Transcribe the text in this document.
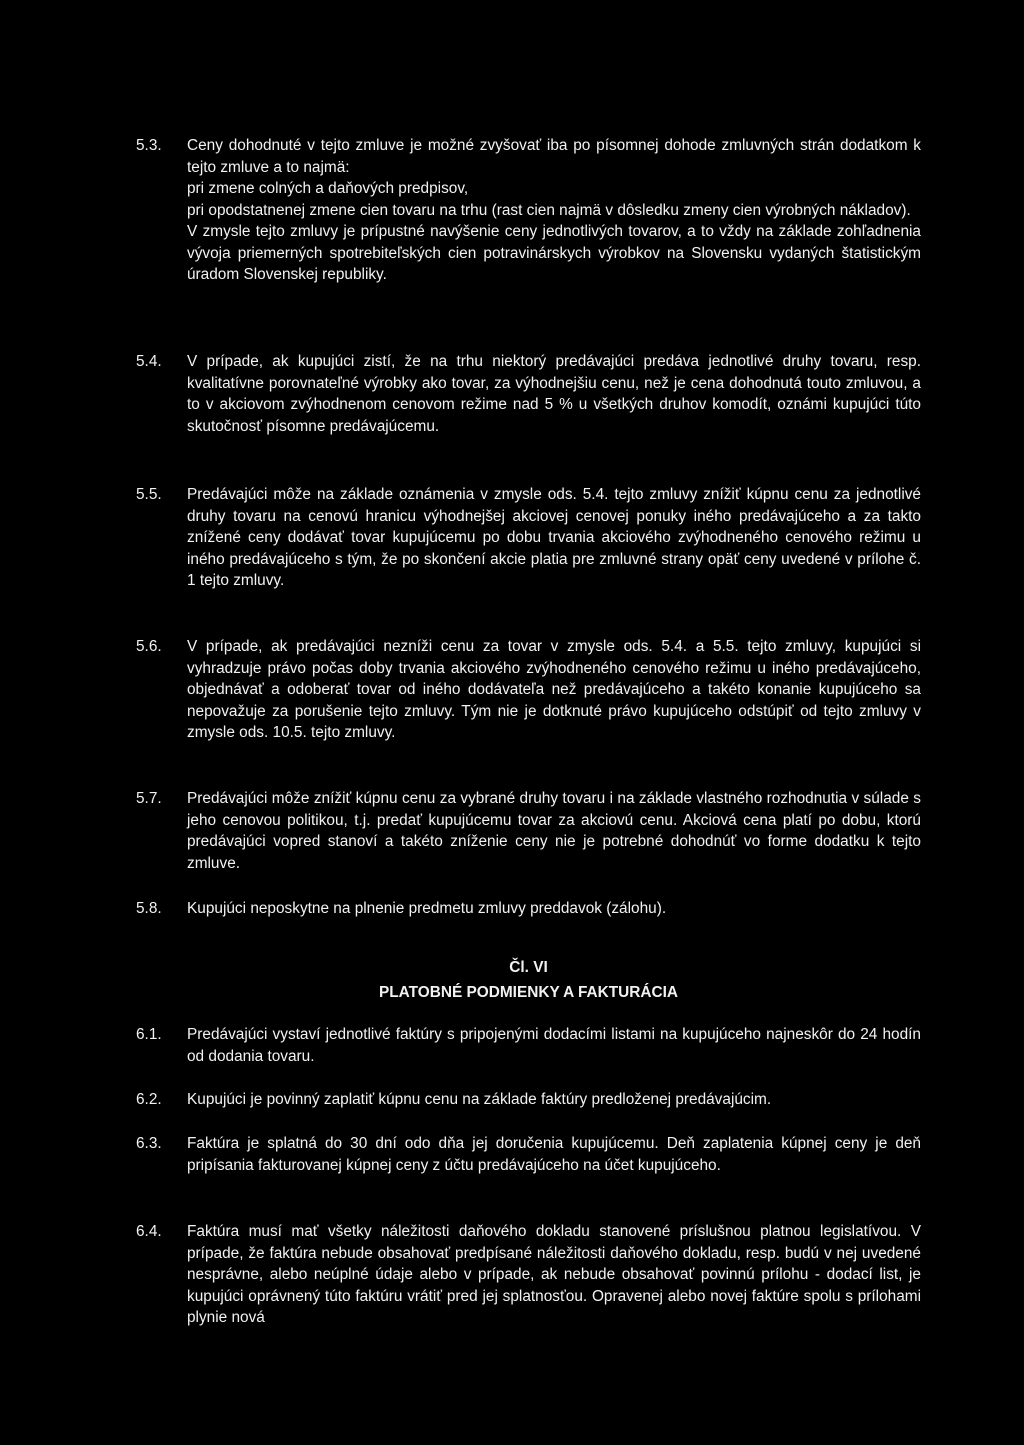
5.3.	Ceny dohodnuté v tejto zmluve je možné zvyšovať iba po písomnej dohode zmluvných strán dodatkom k tejto zmluve a to najmä:
pri zmene colných a daňových predpisov,
pri opodstatnenej zmene cien tovaru na trhu (rast cien najmä v dôsledku zmeny cien výrobných nákladov).
V zmysle tejto zmluvy je prípustné navýšenie ceny jednotlivých tovarov, a to vždy na základe zohľadnenia vývoja priemerných spotrebiteľských cien potravinárskych výrobkov na Slovensku vydaných štatistickým úradom Slovenskej republiky.
5.4.	V prípade, ak kupujúci zistí, že na trhu niektorý predávajúci predáva jednotlivé druhy tovaru, resp. kvalitatívne porovnateľné výrobky ako tovar, za výhodnejšiu cenu, než je cena dohodnutá touto zmluvou, a to v akciovom zvýhodnenom cenovom režime nad 5 % u všetkých druhov komodít, oznámi kupujúci túto skutočnosť písomne predávajúcemu.
5.5.	Predávajúci môže na základe oznámenia v zmysle ods. 5.4. tejto zmluvy znížiť kúpnu cenu za jednotlivé druhy tovaru na cenovú hranicu výhodnejšej akciovej cenovej ponuky iného predávajúceho a za takto znížené ceny dodávať tovar kupujúcemu po dobu trvania akciového zvýhodneného cenového režimu u iného predávajúceho s tým, že po skončení akcie platia pre zmluvné strany opäť ceny uvedené v prílohe č. 1 tejto zmluvy.
5.6.	V prípade, ak predávajúci nezníži cenu za tovar v zmysle ods. 5.4. a 5.5. tejto zmluvy, kupujúci si vyhradzuje právo počas doby trvania akciového zvýhodneného cenového režimu u iného predávajúceho, objednávať a odoberať tovar od iného dodávateľa než predávajúceho a takéto konanie kupujúceho sa nepovažuje za porušenie tejto zmluvy. Tým nie je dotknuté právo kupujúceho odstúpiť od tejto zmluvy v zmysle ods. 10.5. tejto zmluvy.
5.7.	Predávajúci môže znížiť kúpnu cenu za vybrané druhy tovaru i na základe vlastného rozhodnutia v súlade s jeho cenovou politikou, t.j. predať kupujúcemu tovar za akciovú cenu. Akciová cena platí po dobu, ktorú predávajúci vopred stanoví a takéto zníženie ceny nie je potrebné dohodnúť vo forme dodatku k tejto zmluve.
5.8.	Kupujúci neposkytne na plnenie predmetu zmluvy preddavok (zálohu).
Čl. VI
PLATOBNÉ PODMIENKY A FAKTURÁCIA
6.1.	Predávajúci vystaví jednotlivé faktúry s pripojenými dodacími listami na kupujúceho najneskôr do 24 hodín od dodania tovaru.
6.2.	Kupujúci je povinný zaplatiť kúpnu cenu na základe faktúry predloženej predávajúcim.
6.3.	Faktúra je splatná do 30 dní odo dňa jej doručenia kupujúcemu. Deň zaplatenia kúpnej ceny je deň pripísania fakturovanej kúpnej ceny z účtu predávajúceho na účet kupujúceho.
6.4.	Faktúra musí mať všetky náležitosti daňového dokladu stanovené príslušnou platnou legislatívou. V prípade, že faktúra nebude obsahovať predpísané náležitosti daňového dokladu, resp. budú v nej uvedené nesprávne, alebo neúplné údaje alebo v prípade, ak nebude obsahovať povinnú prílohu - dodací list, je kupujúci oprávnený túto faktúru vrátiť pred jej splatnosťou. Opravenej alebo novej faktúre spolu s prílohami plynie nová
